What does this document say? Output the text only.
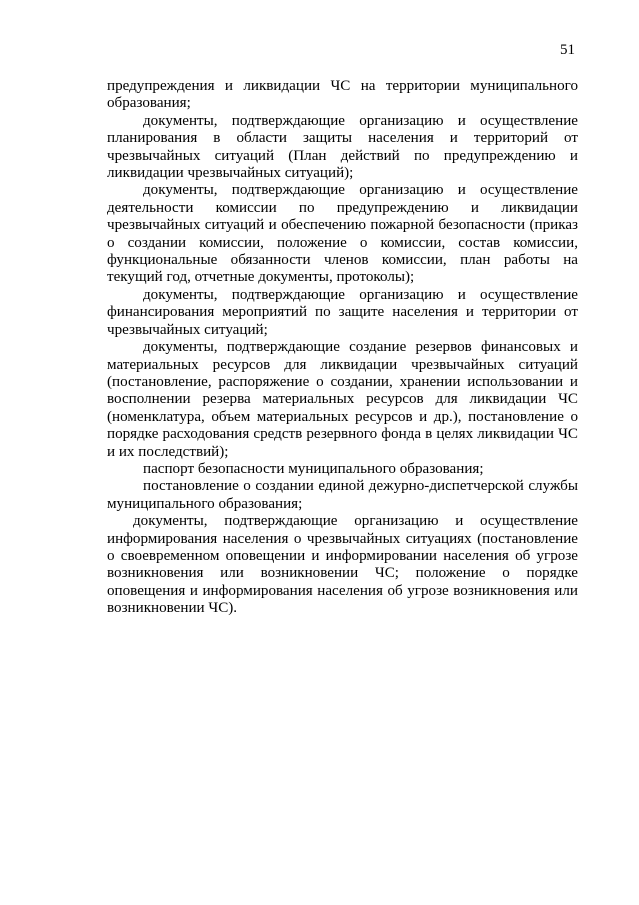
51

предупреждения и ликвидации ЧС на территории муниципального образования;

документы, подтверждающие организацию и осуществление планирования в области защиты населения и территорий от чрезвычайных ситуаций (План действий по предупреждению и ликвидации чрезвычайных ситуаций);

документы, подтверждающие организацию и осуществление деятельности комиссии по предупреждению и ликвидации чрезвычайных ситуаций и обеспечению пожарной безопасности (приказ о создании комиссии, положение о комиссии, состав комиссии, функциональные обязанности членов комиссии, план работы на текущий год, отчетные документы, протоколы);

документы, подтверждающие организацию и осуществление финансирования мероприятий по защите населения и территории от чрезвычайных ситуаций;

документы, подтверждающие создание резервов финансовых и материальных ресурсов для ликвидации чрезвычайных ситуаций (постановление, распоряжение о создании, хранении использовании и восполнении резерва материальных ресурсов для ликвидации ЧС (номенклатура, объем материальных ресурсов и др.), постановление о порядке расходования средств резервного фонда в целях ликвидации ЧС и их последствий);

паспорт безопасности муниципального образования;

постановление о создании единой дежурно-диспетчерской службы муниципального образования;

документы, подтверждающие организацию и осуществление информирования населения о чрезвычайных ситуациях (постановление о своевременном оповещении и информировании населения об угрозе возникновения или возникновении ЧС; положение о порядке оповещения и информирования населения об угрозе возникновения или возникновении ЧС).
